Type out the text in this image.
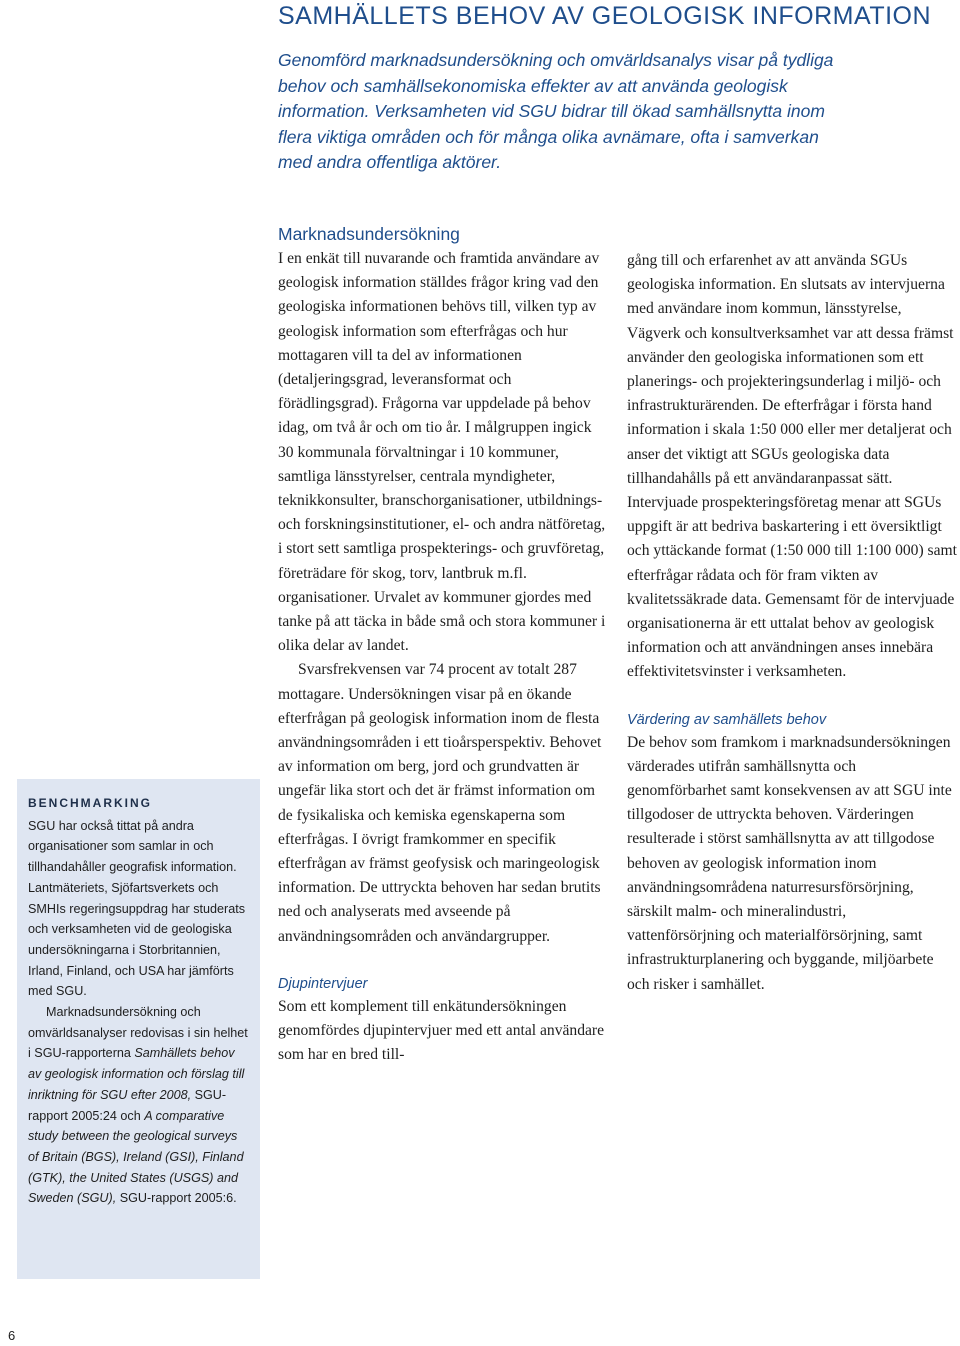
SAMHÄLLETS BEHOV AV GEOLOGISK INFORMATION

Genomförd marknadsundersökning och omvärldsanalys visar på tydliga behov och samhällsekonomiska effekter av att använda geologisk information. Verksamheten vid SGU bidrar till ökad samhällsnytta inom flera viktiga områden och för många olika avnämare, ofta i samverkan med andra offentliga aktörer.

BENCHMARKING

SGU har också tittat på andra organisationer som samlar in och tillhandahåller geografisk information. Lantmäteriets, Sjöfartsverkets och SMHIs regeringsuppdrag har studerats och verksamheten vid de geologiska undersökningarna i Storbritannien, Irland, Finland, och USA har jämförts med SGU.

Marknadsundersökning och omvärldsanalyser redovisas i sin helhet i SGU-rapporterna Samhällets behov av geologisk information och förslag till inriktning för SGU efter 2008, SGU-rapport 2005:24 och A comparative study between the geological surveys of Britain (BGS), Ireland (GSI), Finland (GTK), the United States (USGS) and Sweden (SGU), SGU-rapport 2005:6.

Marknadsundersökning

I en enkät till nuvarande och framtida användare av geologisk information ställdes frågor kring vad den geologiska informationen behövs till, vilken typ av geologisk information som efterfrågas och hur mottagaren vill ta del av informationen (detaljeringsgrad, leveransformat och förädlingsgrad). Frågorna var uppdelade på behov idag, om två år och om tio år. I målgruppen ingick 30 kommunala förvaltningar i 10 kommuner, samtliga länsstyrelser, centrala myndigheter, teknikkonsulter, branschorganisationer, utbildnings- och forskningsinstitutioner, el- och andra nätföretag, i stort sett samtliga prospekterings- och gruvföretag, företrädare för skog, torv, lantbruk m.fl. organisationer. Urvalet av kommuner gjordes med tanke på att täcka in både små och stora kommuner i olika delar av landet.

Svarsfrekvensen var 74 procent av totalt 287 mottagare. Undersökningen visar på en ökande efterfrågan på geologisk information inom de flesta användningsområden i ett tioårsperspektiv. Behovet av information om berg, jord och grundvatten är ungefär lika stort och det är främst information om de fysikaliska och kemiska egenskaperna som efterfrågas. I övrigt framkommer en specifik efterfrågan av främst geofysisk och maringeologisk information. De uttryckta behoven har sedan brutits ned och analyserats med avseende på användningsområden och användargrupper.

Djupintervjuer

Som ett komplement till enkätundersökningen genomfördes djupintervjuer med ett antal användare som har en bred till-

gång till och erfarenhet av att använda SGUs geologiska information. En slutsats av intervjuerna med användare inom kommun, länsstyrelse, Vägverk och konsultverksamhet var att dessa främst använder den geologiska informationen som ett planerings- och projekteringsunderlag i miljö- och infrastrukturärenden. De efterfrågar i första hand information i skala 1:50 000 eller mer detaljerat och anser det viktigt att SGUs geologiska data tillhandahålls på ett användaranpassat sätt. Intervjuade prospekteringsföretag menar att SGUs uppgift är att bedriva baskartering i ett översiktligt och yttäckande format (1:50 000 till 1:100 000) samt efterfrågar rådata och för fram vikten av kvalitetssäkrade data. Gemensamt för de intervjuade organisationerna är ett uttalat behov av geologisk information och att användningen anses innebära effektivitetsvinster i verksamheten.

Värdering av samhällets behov

De behov som framkom i marknadsundersökningen värderades utifrån samhällsnytta och genomförbarhet samt konsekvensen av att SGU inte tillgodoser de uttryckta behoven. Värderingen resulterade i störst samhällsnytta av att tillgodose behoven av geologisk information inom användningsområdena naturresursförsörjning, särskilt malm- och mineralindustri, vattenförsörjning och materialförsörjning, samt infrastrukturplanering och byggande, miljöarbete och risker i samhället.

6
